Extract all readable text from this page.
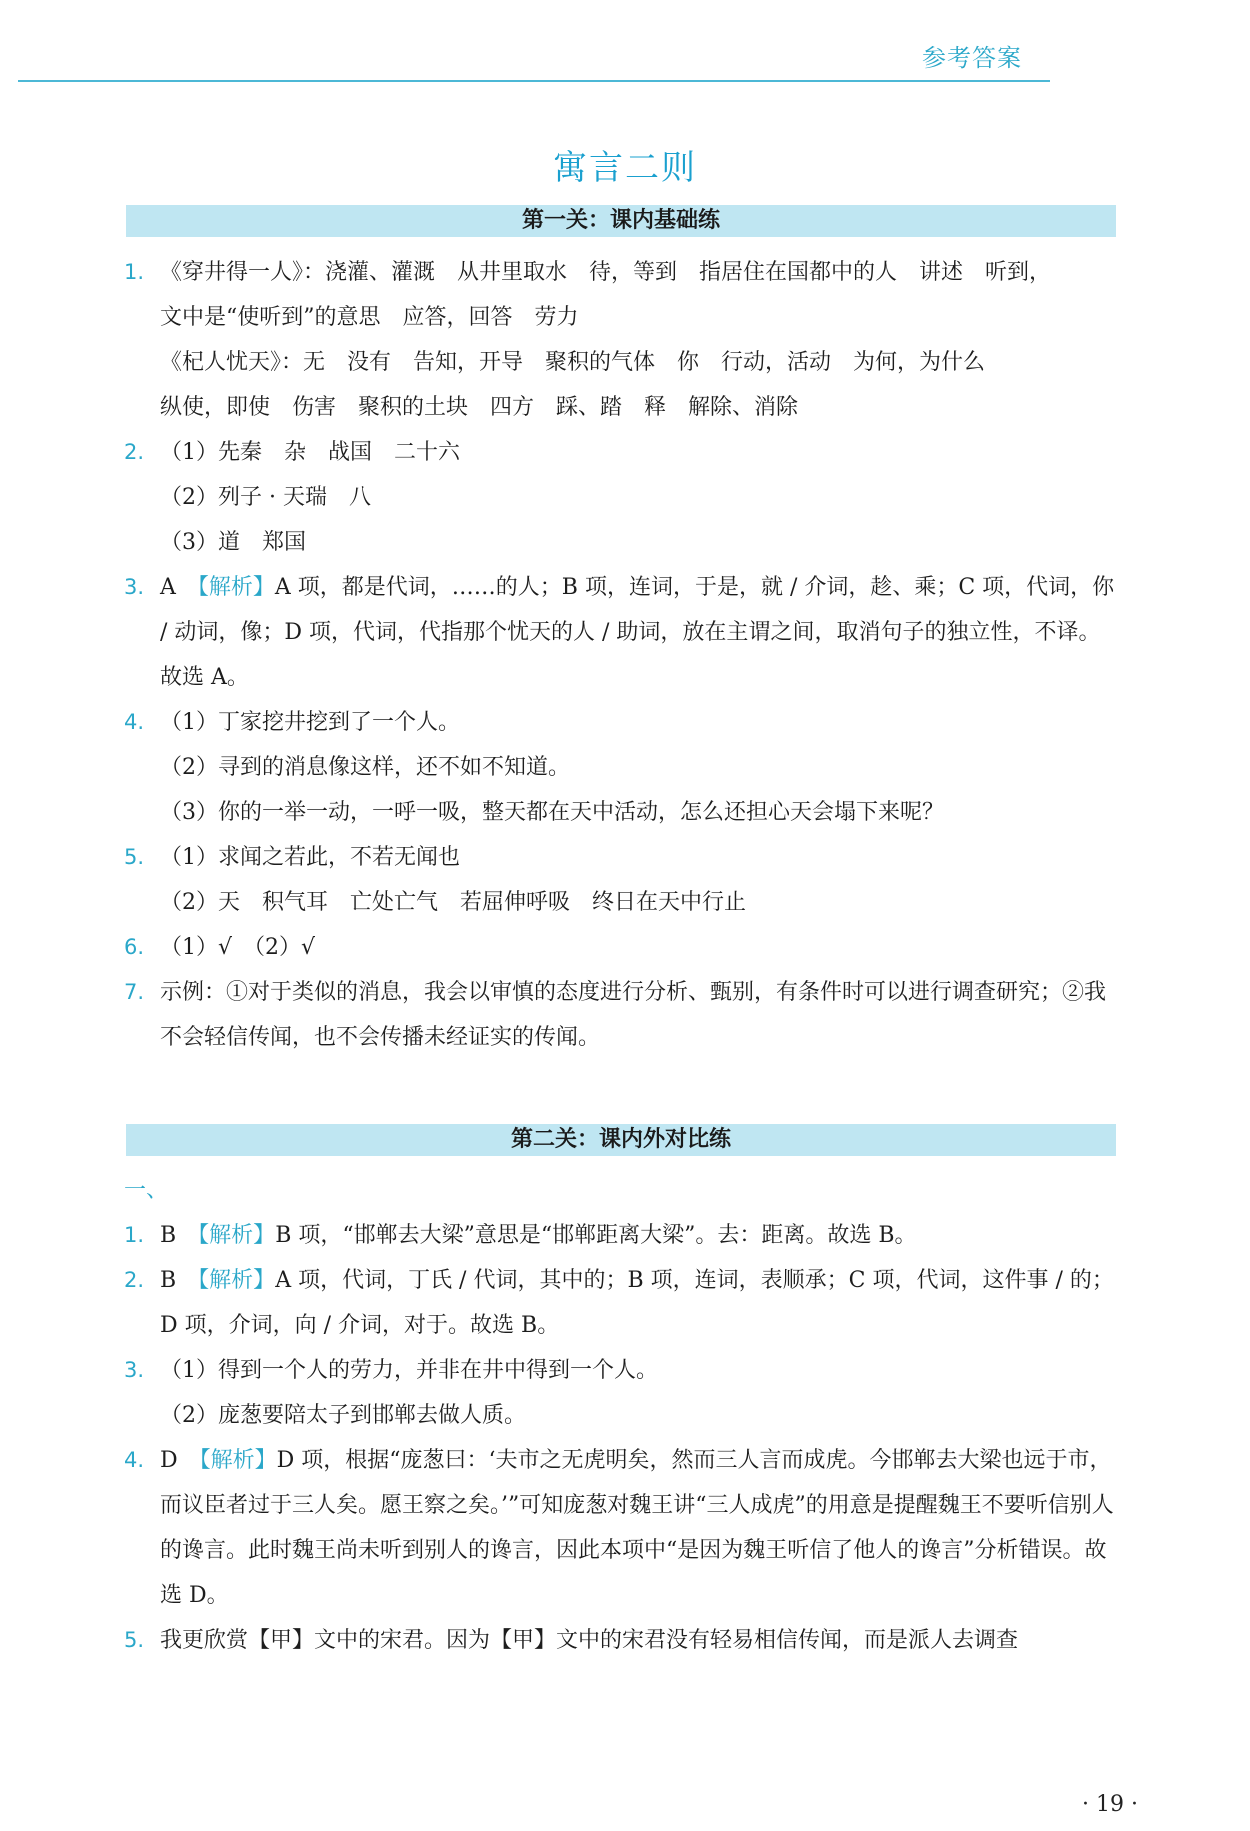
参考答案
寓言二则
第一关：课内基础练
1. 《穿井得一人》：浇灌、灌溉　从井里取水　待，等到　指居住在国都中的人　讲述　听到，
文中是“使听到”的意思　应答，回答　劳力
《杞人忧天》：无　没有　告知，开导　聚积的气体　你　行动，活动　为何，为什么
纵使，即使　伤害　聚积的土块　四方　踩、踏　释　解除、消除
2. （1）先秦　杂　战国　二十六
（2）列子 · 天瑞　八
（3）道　郑国
3. A　【解析】A 项，都是代词，……的人；B 项，连词，于是，就 / 介词，趁、乘；C 项，代词，你 / 动词，像；D 项，代词，代指那个忧天的人 / 助词，放在主谓之间，取消句子的独立性，不译。故选 A。
4. （1）丁家挖井挖到了一个人。
（2）寻到的消息像这样，还不如不知道。
（3）你的一举一动，一呼一吸，整天都在天中活动，怎么还担心天会塌下来呢？
5. （1）求闻之若此，不若无闻也
（2）天　积气耳　亡处亡气　若屈伸呼吸　终日在天中行止
6. （1）√　（2）√
7. 示例：①对于类似的消息，我会以审慎的态度进行分析、甄别，有条件时可以进行调查研究；②我不会轻信传闻，也不会传播未经证实的传闻。
第二关：课内外对比练
一、
1. B　【解析】B 项，“邯郸去大梁”意思是“邯郸距离大梁”。去：距离。故选 B。
2. B　【解析】A 项，代词，丁氏 / 代词，其中的；B 项，连词，表顺承；C 项，代词，这件事 / 的；D 项，介词，向 / 介词，对于。故选 B。
3. （1）得到一个人的劳力，并非在井中得到一个人。
（2）庞葱要陪太子到邯郸去做人质。
4. D　【解析】D 项，根据“庞葱曰：‘夫市之无虎明矣，然而三人言而成虎。今邯郸去大梁也远于市，而议臣者过于三人矣。愿王察之矣。’”可知庞葱对魏王讲“三人成虎”的用意是提醒魏王不要听信别人的谗言。此时魏王尚未听到别人的谗言，因此本项中“是因为魏王听信了他人的谗言”分析错误。故选 D。
5. 我更欣赏【甲】文中的宋君。因为【甲】文中的宋君没有轻易相信传闻，而是派人去调查
· 19 ·
